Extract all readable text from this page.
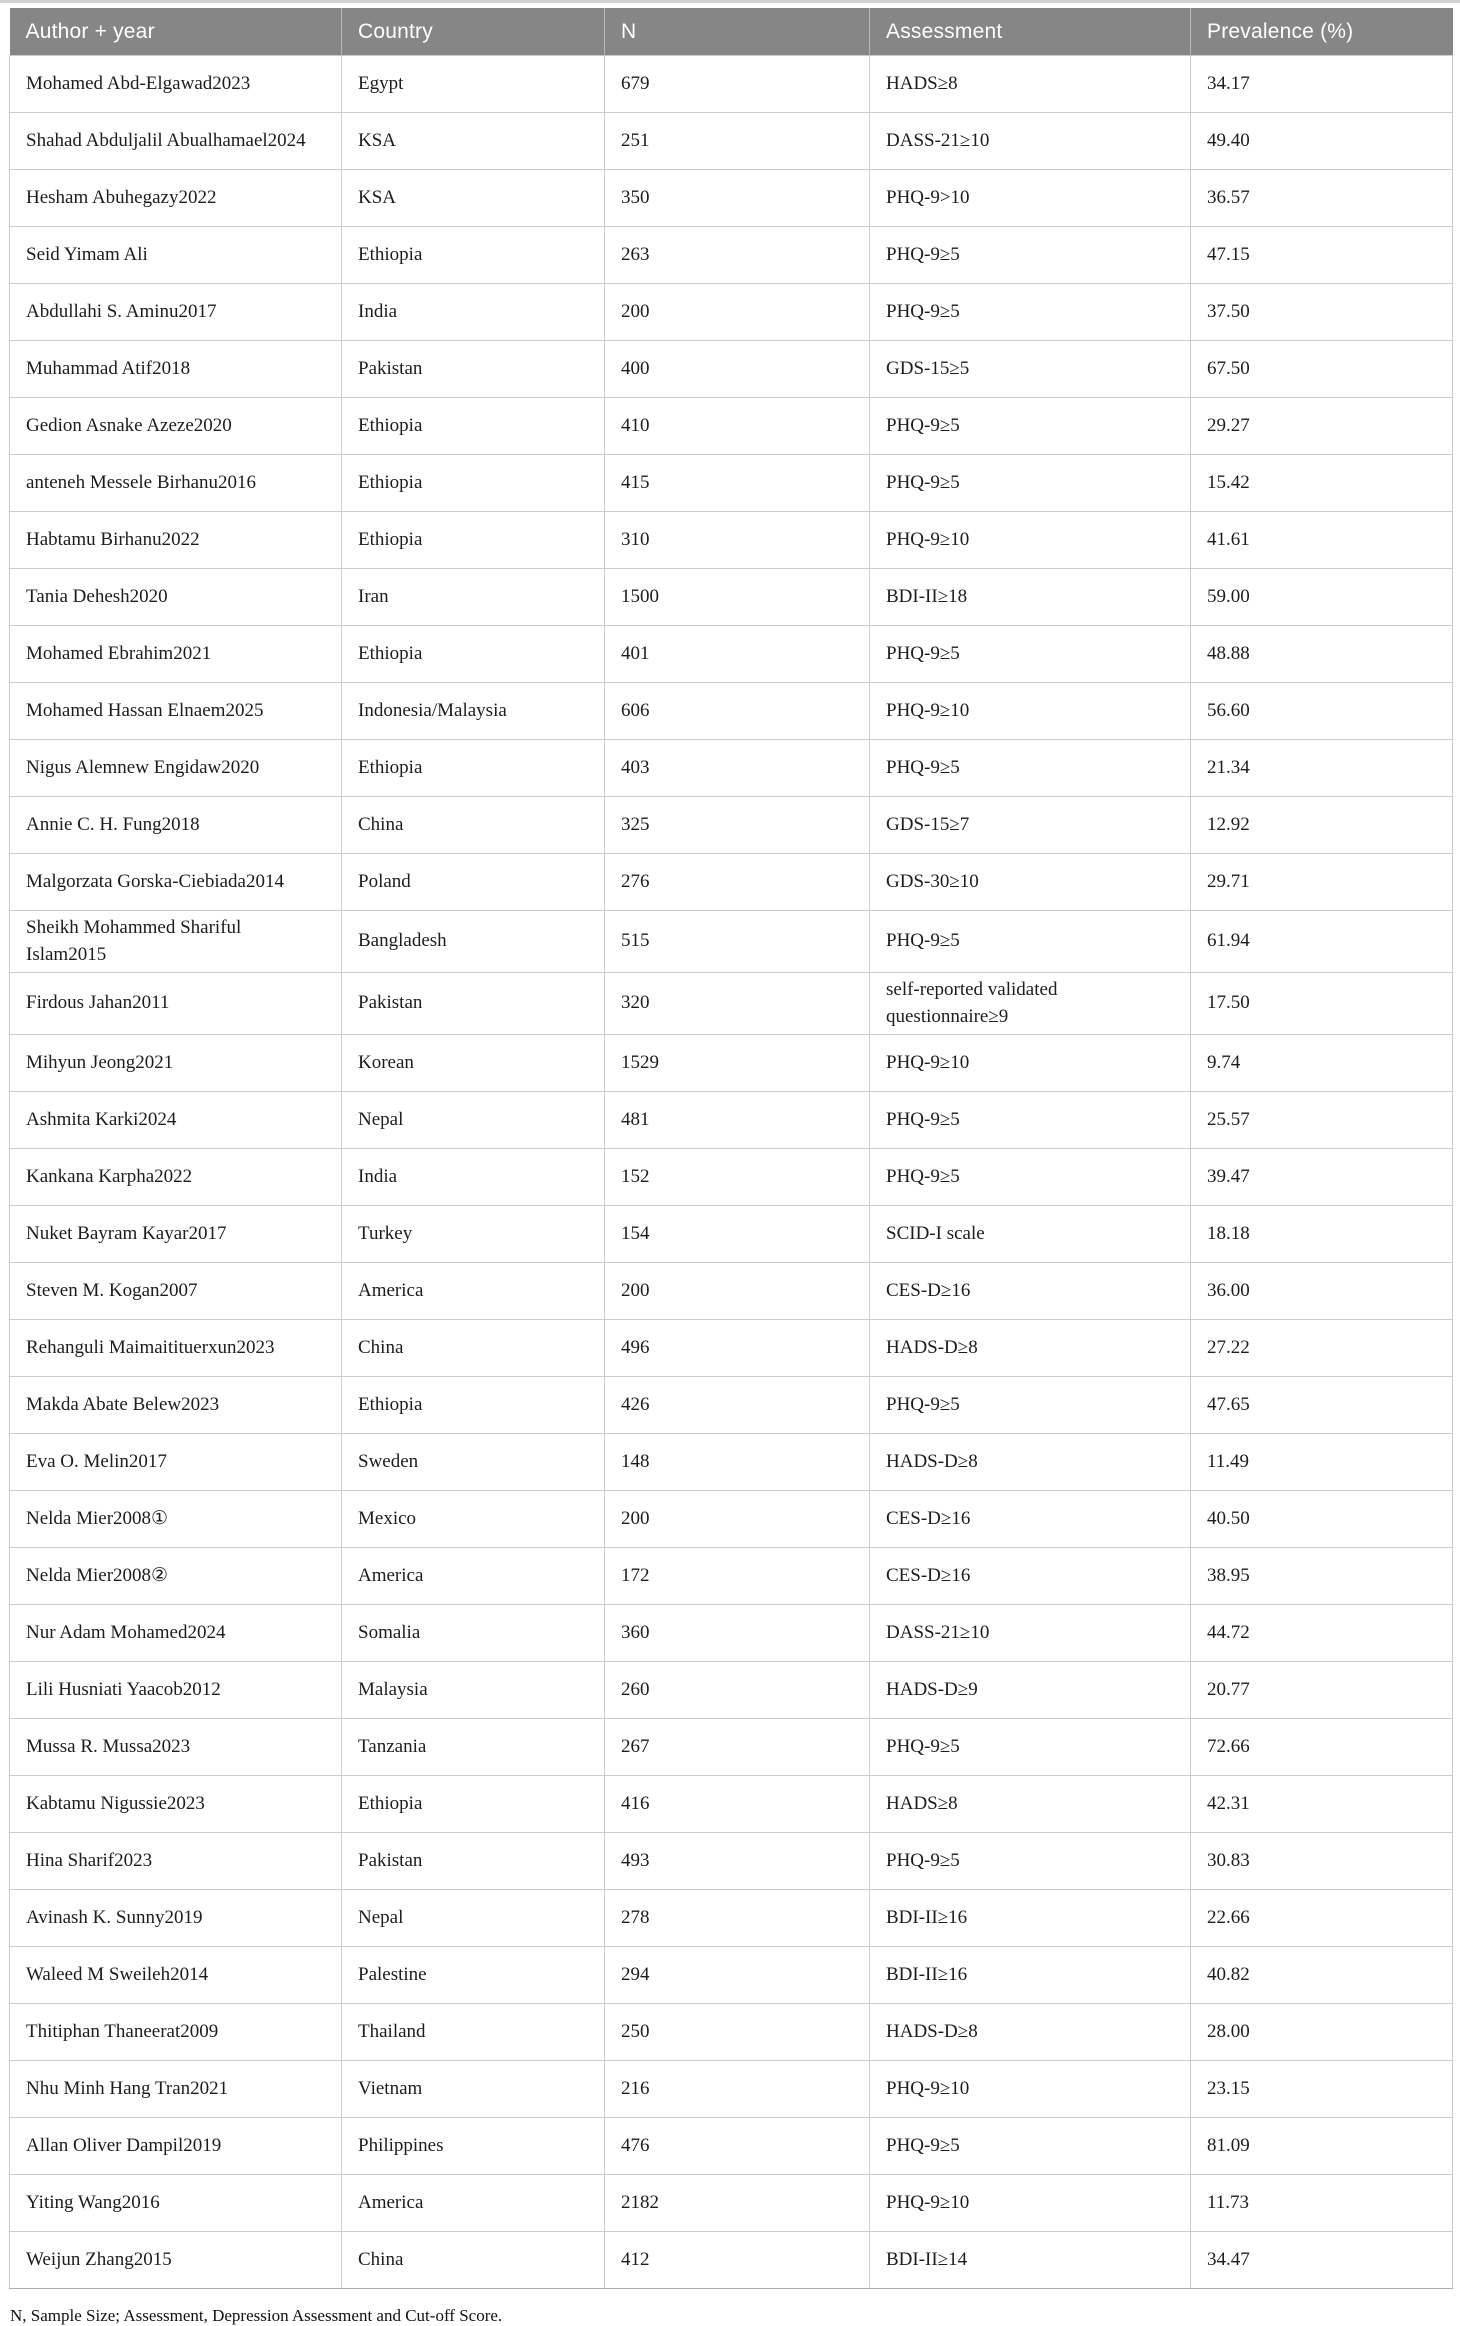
Author + year	Country	N	Assessment	Prevalence (%)
Mohamed Abd-Elgawad2023	Egypt	679	HADS≥8	34.17
Shahad Abduljalil Abualhamael2024	KSA	251	DASS-21≥10	49.40
Hesham Abuhegazy2022	KSA	350	PHQ-9>10	36.57
Seid Yimam Ali	Ethiopia	263	PHQ-9≥5	47.15
Abdullahi S. Aminu2017	India	200	PHQ-9≥5	37.50
Muhammad Atif2018	Pakistan	400	GDS-15≥5	67.50
Gedion Asnake Azeze2020	Ethiopia	410	PHQ-9≥5	29.27
anteneh Messele Birhanu2016	Ethiopia	415	PHQ-9≥5	15.42
Habtamu Birhanu2022	Ethiopia	310	PHQ-9≥10	41.61
Tania Dehesh2020	Iran	1500	BDI-II≥18	59.00
Mohamed Ebrahim2021	Ethiopia	401	PHQ-9≥5	48.88
Mohamed Hassan Elnaem2025	Indonesia/Malaysia	606	PHQ-9≥10	56.60
Nigus Alemnew Engidaw2020	Ethiopia	403	PHQ-9≥5	21.34
Annie C. H. Fung2018	China	325	GDS-15≥7	12.92
Malgorzata Gorska-Ciebiada2014	Poland	276	GDS-30≥10	29.71
Sheikh Mohammed Shariful Islam2015	Bangladesh	515	PHQ-9≥5	61.94
Firdous Jahan2011	Pakistan	320	self-reported validated questionnaire≥9	17.50
Mihyun Jeong2021	Korean	1529	PHQ-9≥10	9.74
Ashmita Karki2024	Nepal	481	PHQ-9≥5	25.57
Kankana Karpha2022	India	152	PHQ-9≥5	39.47
Nuket Bayram Kayar2017	Turkey	154	SCID-I scale	18.18
Steven M. Kogan2007	America	200	CES-D≥16	36.00
Rehanguli Maimaitituerxun2023	China	496	HADS-D≥8	27.22
Makda Abate Belew2023	Ethiopia	426	PHQ-9≥5	47.65
Eva O. Melin2017	Sweden	148	HADS-D≥8	11.49
Nelda Mier2008①	Mexico	200	CES-D≥16	40.50
Nelda Mier2008②	America	172	CES-D≥16	38.95
Nur Adam Mohamed2024	Somalia	360	DASS-21≥10	44.72
Lili Husniati Yaacob2012	Malaysia	260	HADS-D≥9	20.77
Mussa R. Mussa2023	Tanzania	267	PHQ-9≥5	72.66
Kabtamu Nigussie2023	Ethiopia	416	HADS≥8	42.31
Hina Sharif2023	Pakistan	493	PHQ-9≥5	30.83
Avinash K. Sunny2019	Nepal	278	BDI-II≥16	22.66
Waleed M Sweileh2014	Palestine	294	BDI-II≥16	40.82
Thitiphan Thaneerat2009	Thailand	250	HADS-D≥8	28.00
Nhu Minh Hang Tran2021	Vietnam	216	PHQ-9≥10	23.15
Allan Oliver Dampil2019	Philippines	476	PHQ-9≥5	81.09
Yiting Wang2016	America	2182	PHQ-9≥10	11.73
Weijun Zhang2015	China	412	BDI-II≥14	34.47
N, Sample Size; Assessment, Depression Assessment and Cut-off Score.
